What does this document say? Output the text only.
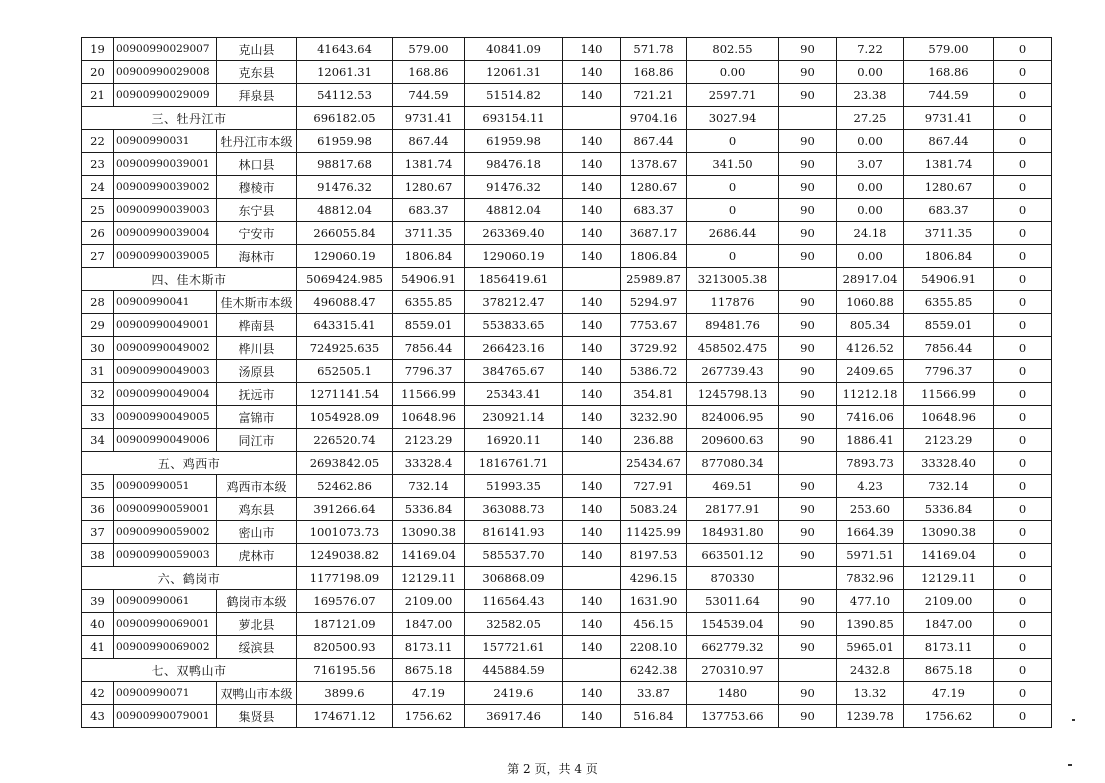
19	00900990029007	克山县	41643.64	579.00	40841.09	140	571.78	802.55	90	7.22	579.00	0
20	00900990029008	克东县	12061.31	168.86	12061.31	140	168.86	0.00	90	0.00	168.86	0
21	00900990029009	拜泉县	54112.53	744.59	51514.82	140	721.21	2597.71	90	23.38	744.59	0
三、牡丹江市			696182.05	9731.41	693154.11		9704.16	3027.94		27.25	9731.41	0
22	00900990031	牡丹江市本级	61959.98	867.44	61959.98	140	867.44	0	90	0.00	867.44	0
23	00900990039001	林口县	98817.68	1381.74	98476.18	140	1378.67	341.50	90	3.07	1381.74	0
24	00900990039002	穆棱市	91476.32	1280.67	91476.32	140	1280.67	0	90	0.00	1280.67	0
25	00900990039003	东宁县	48812.04	683.37	48812.04	140	683.37	0	90	0.00	683.37	0
26	00900990039004	宁安市	266055.84	3711.35	263369.40	140	3687.17	2686.44	90	24.18	3711.35	0
27	00900990039005	海林市	129060.19	1806.84	129060.19	140	1806.84	0	90	0.00	1806.84	0
四、佳木斯市			5069424.985	54906.91	1856419.61		25989.87	3213005.38		28917.04	54906.91	0
28	00900990041	佳木斯市本级	496088.47	6355.85	378212.47	140	5294.97	117876	90	1060.88	6355.85	0
29	00900990049001	桦南县	643315.41	8559.01	553833.65	140	7753.67	89481.76	90	805.34	8559.01	0
30	00900990049002	桦川县	724925.635	7856.44	266423.16	140	3729.92	458502.475	90	4126.52	7856.44	0
31	00900990049003	汤原县	652505.1	7796.37	384765.67	140	5386.72	267739.43	90	2409.65	7796.37	0
32	00900990049004	抚远市	1271141.54	11566.99	25343.41	140	354.81	1245798.13	90	11212.18	11566.99	0
33	00900990049005	富锦市	1054928.09	10648.96	230921.14	140	3232.90	824006.95	90	7416.06	10648.96	0
34	00900990049006	同江市	226520.74	2123.29	16920.11	140	236.88	209600.63	90	1886.41	2123.29	0
五、鸡西市			2693842.05	33328.4	1816761.71		25434.67	877080.34		7893.73	33328.40	0
35	00900990051	鸡西市本级	52462.86	732.14	51993.35	140	727.91	469.51	90	4.23	732.14	0
36	00900990059001	鸡东县	391266.64	5336.84	363088.73	140	5083.24	28177.91	90	253.60	5336.84	0
37	00900990059002	密山市	1001073.73	13090.38	816141.93	140	11425.99	184931.80	90	1664.39	13090.38	0
38	00900990059003	虎林市	1249038.82	14169.04	585537.70	140	8197.53	663501.12	90	5971.51	14169.04	0
六、鹤岗市			1177198.09	12129.11	306868.09		4296.15	870330		7832.96	12129.11	0
39	00900990061	鹤岗市本级	169576.07	2109.00	116564.43	140	1631.90	53011.64	90	477.10	2109.00	0
40	00900990069001	萝北县	187121.09	1847.00	32582.05	140	456.15	154539.04	90	1390.85	1847.00	0
41	00900990069002	绥滨县	820500.93	8173.11	157721.61	140	2208.10	662779.32	90	5965.01	8173.11	0
七、双鸭山市			716195.56	8675.18	445884.59		6242.38	270310.97		2432.8	8675.18	0
42	00900990071	双鸭山市本级	3899.6	47.19	2419.6	140	33.87	1480	90	13.32	47.19	0
43	00900990079001	集贤县	174671.12	1756.62	36917.46	140	516.84	137753.66	90	1239.78	1756.62	0
第 2 页，共 4 页
